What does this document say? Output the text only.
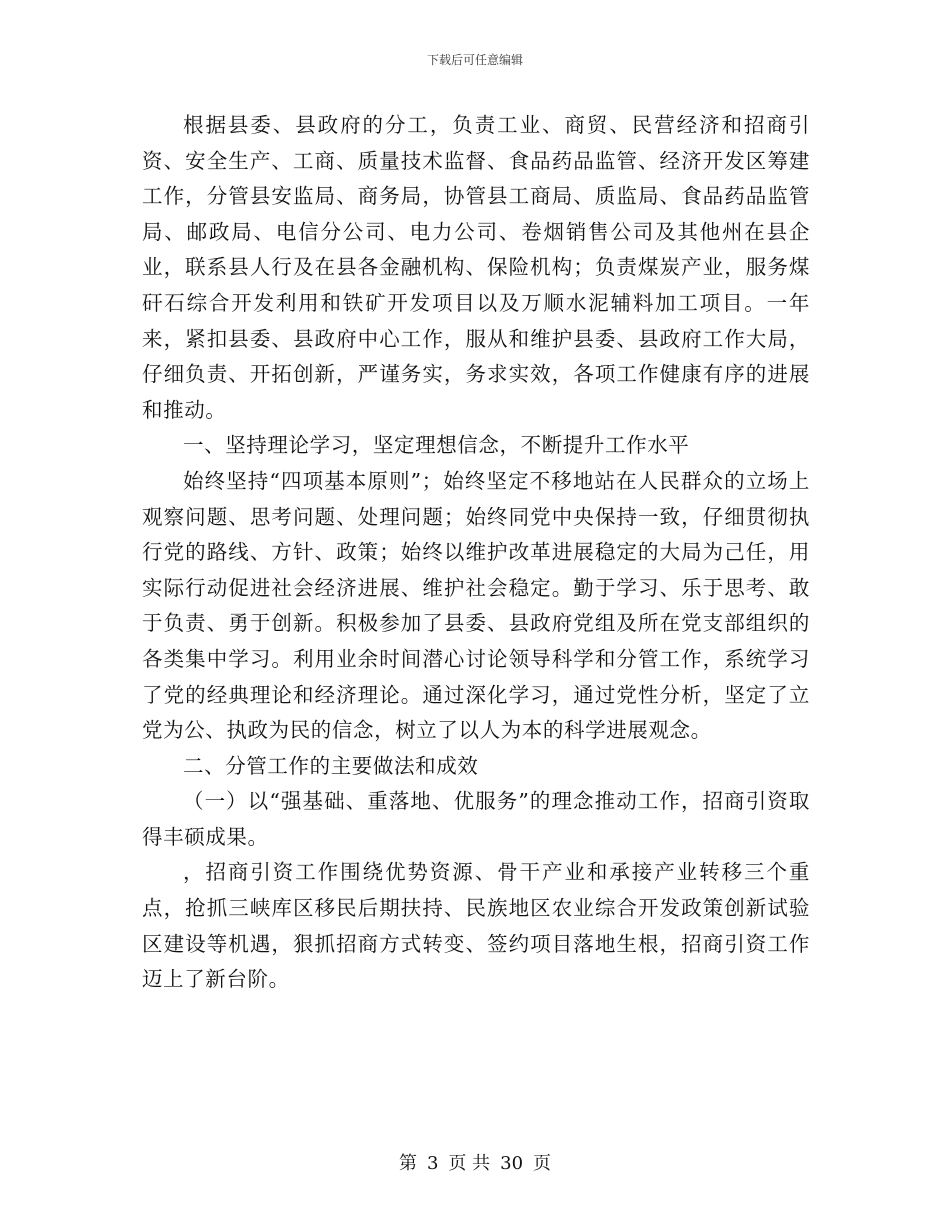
下载后可任意编辑

根据县委、县政府的分工，负责工业、商贸、民营经济和招商引资、安全生产、工商、质量技术监督、食品药品监管、经济开发区筹建工作，分管县安监局、商务局，协管县工商局、质监局、食品药品监管局、邮政局、电信分公司、电力公司、卷烟销售公司及其他州在县企业，联系县人行及在县各金融机构、保险机构；负责煤炭产业，服务煤矸石综合开发利用和铁矿开发项目以及万顺水泥辅料加工项目。一年来，紧扣县委、县政府中心工作，服从和维护县委、县政府工作大局，仔细负责、开拓创新，严谨务实，务求实效，各项工作健康有序的进展和推动。

一、坚持理论学习，坚定理想信念，不断提升工作水平

始终坚持“四项基本原则”；始终坚定不移地站在人民群众的立场上观察问题、思考问题、处理问题；始终同党中央保持一致，仔细贯彻执行党的路线、方针、政策；始终以维护改革进展稳定的大局为己任，用实际行动促进社会经济进展、维护社会稳定。勤于学习、乐于思考、敢于负责、勇于创新。积极参加了县委、县政府党组及所在党支部组织的各类集中学习。利用业余时间潜心讨论领导科学和分管工作，系统学习了党的经典理论和经济理论。通过深化学习，通过党性分析，坚定了立党为公、执政为民的信念，树立了以人为本的科学进展观念。

二、分管工作的主要做法和成效

（一）以“强基础、重落地、优服务”的理念推动工作，招商引资取得丰硕成果。

，招商引资工作围绕优势资源、骨干产业和承接产业转移三个重点，抢抓三峡库区移民后期扶持、民族地区农业综合开发政策创新试验区建设等机遇，狠抓招商方式转变、签约项目落地生根，招商引资工作迈上了新台阶。

第 3 页 共 30 页
